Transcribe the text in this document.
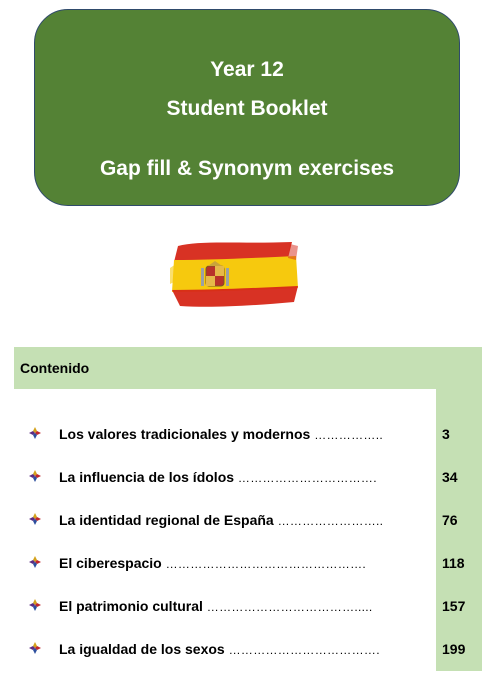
Year 12
Student Booklet
Gap fill & Synonym exercises
Contenido
Los valores tradicionales y modernos ……………..	3
La influencia de los ídolos …………………………….	34
La identidad regional de España ……………………..	76
El ciberespacio ………………………………………….	118
El patrimonio cultural ……………………………….....	157
La igualdad de los sexos ……………………………….	199
